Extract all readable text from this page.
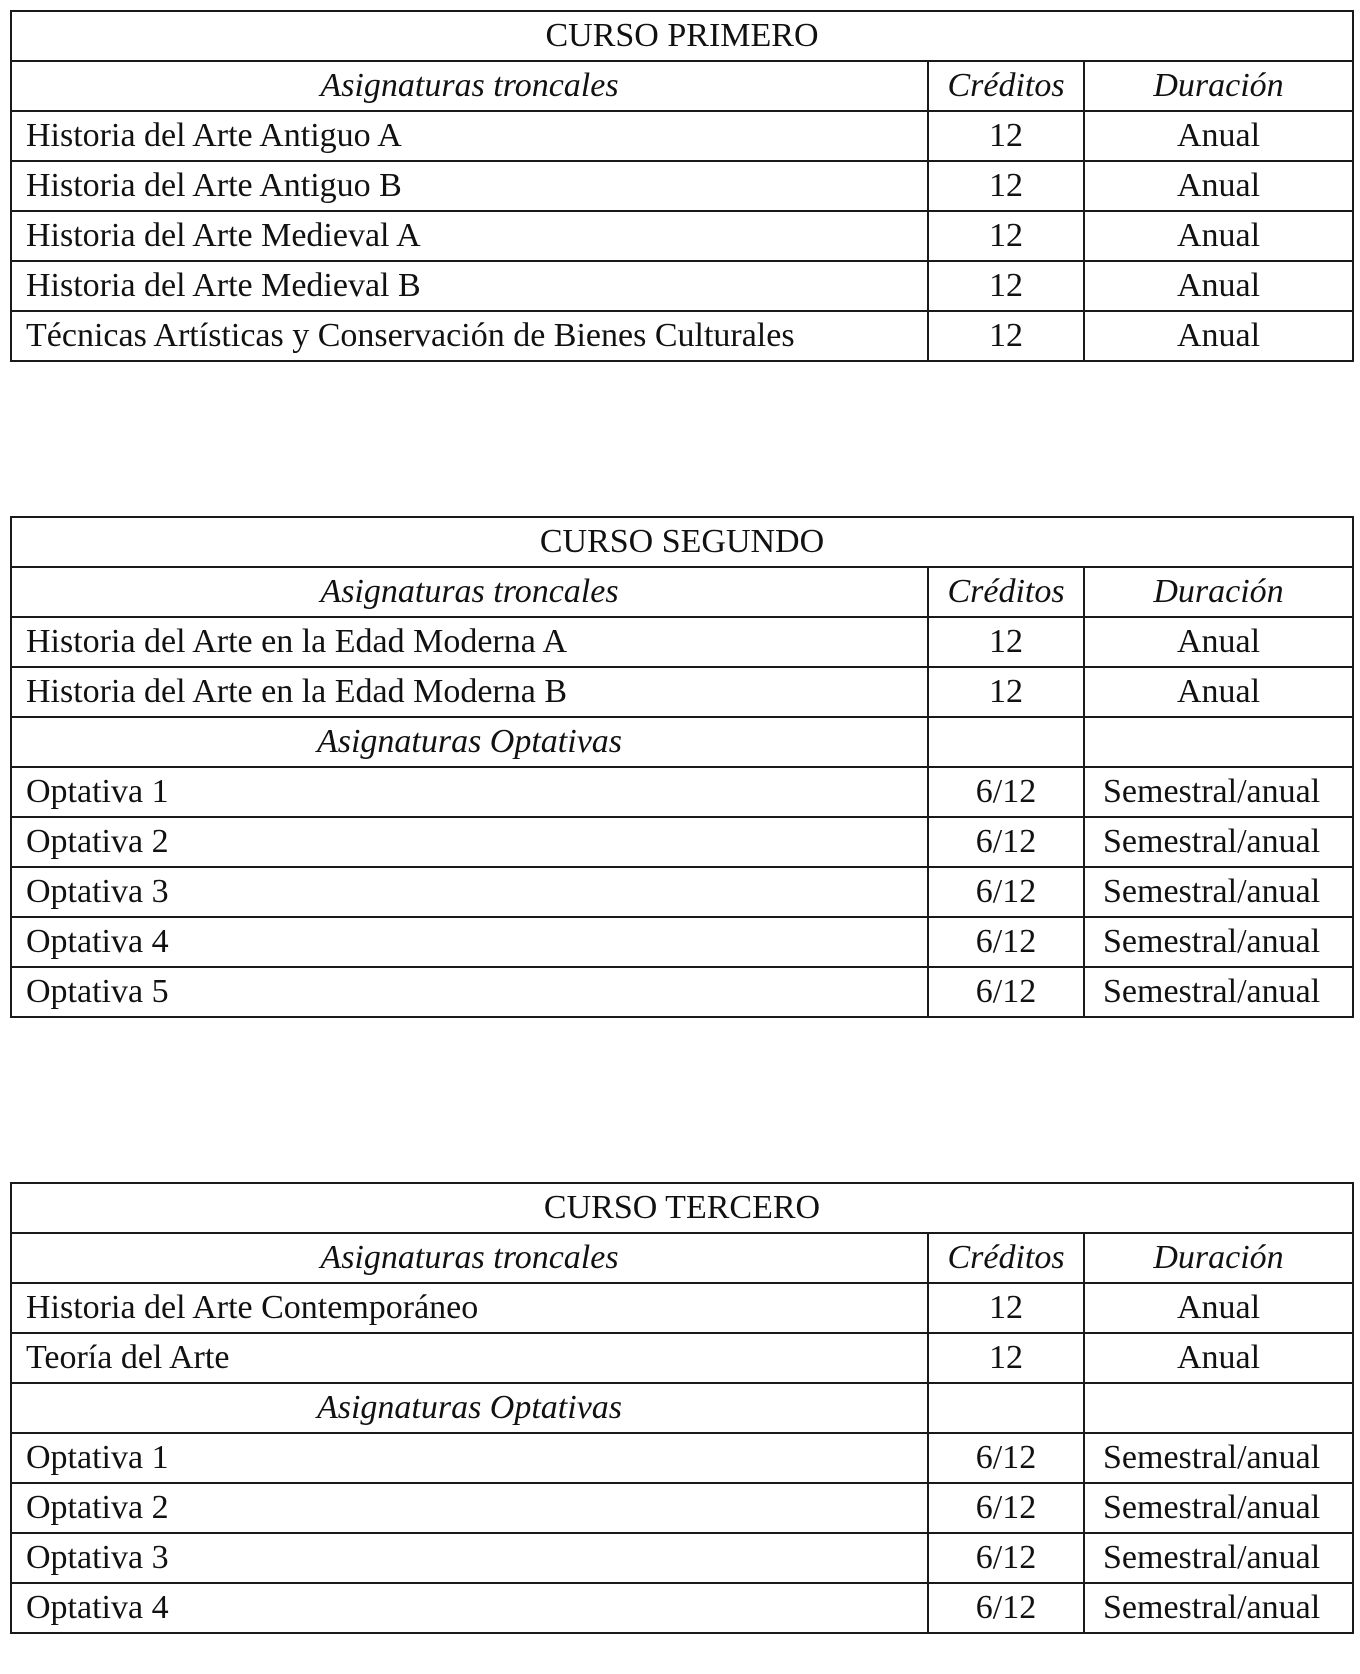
CURSO PRIMERO		
Asignaturas troncales	Créditos	Duración
Historia del Arte Antiguo A	12	Anual
Historia del Arte Antiguo B	12	Anual
Historia del Arte Medieval A	12	Anual
Historia del Arte Medieval B	12	Anual
Técnicas Artísticas y Conservación de Bienes Culturales	12	Anual
CURSO SEGUNDO		
Asignaturas troncales	Créditos	Duración
Historia del Arte en la Edad Moderna A	12	Anual
Historia del Arte en la Edad Moderna B	12	Anual
Asignaturas Optativas		
Optativa 1	6/12	Semestral/anual
Optativa 2	6/12	Semestral/anual
Optativa 3	6/12	Semestral/anual
Optativa 4	6/12	Semestral/anual
Optativa 5	6/12	Semestral/anual
CURSO TERCERO		
Asignaturas troncales	Créditos	Duración
Historia del Arte Contemporáneo	12	Anual
Teoría del Arte	12	Anual
Asignaturas Optativas		
Optativa 1	6/12	Semestral/anual
Optativa 2	6/12	Semestral/anual
Optativa 3	6/12	Semestral/anual
Optativa 4	6/12	Semestral/anual
